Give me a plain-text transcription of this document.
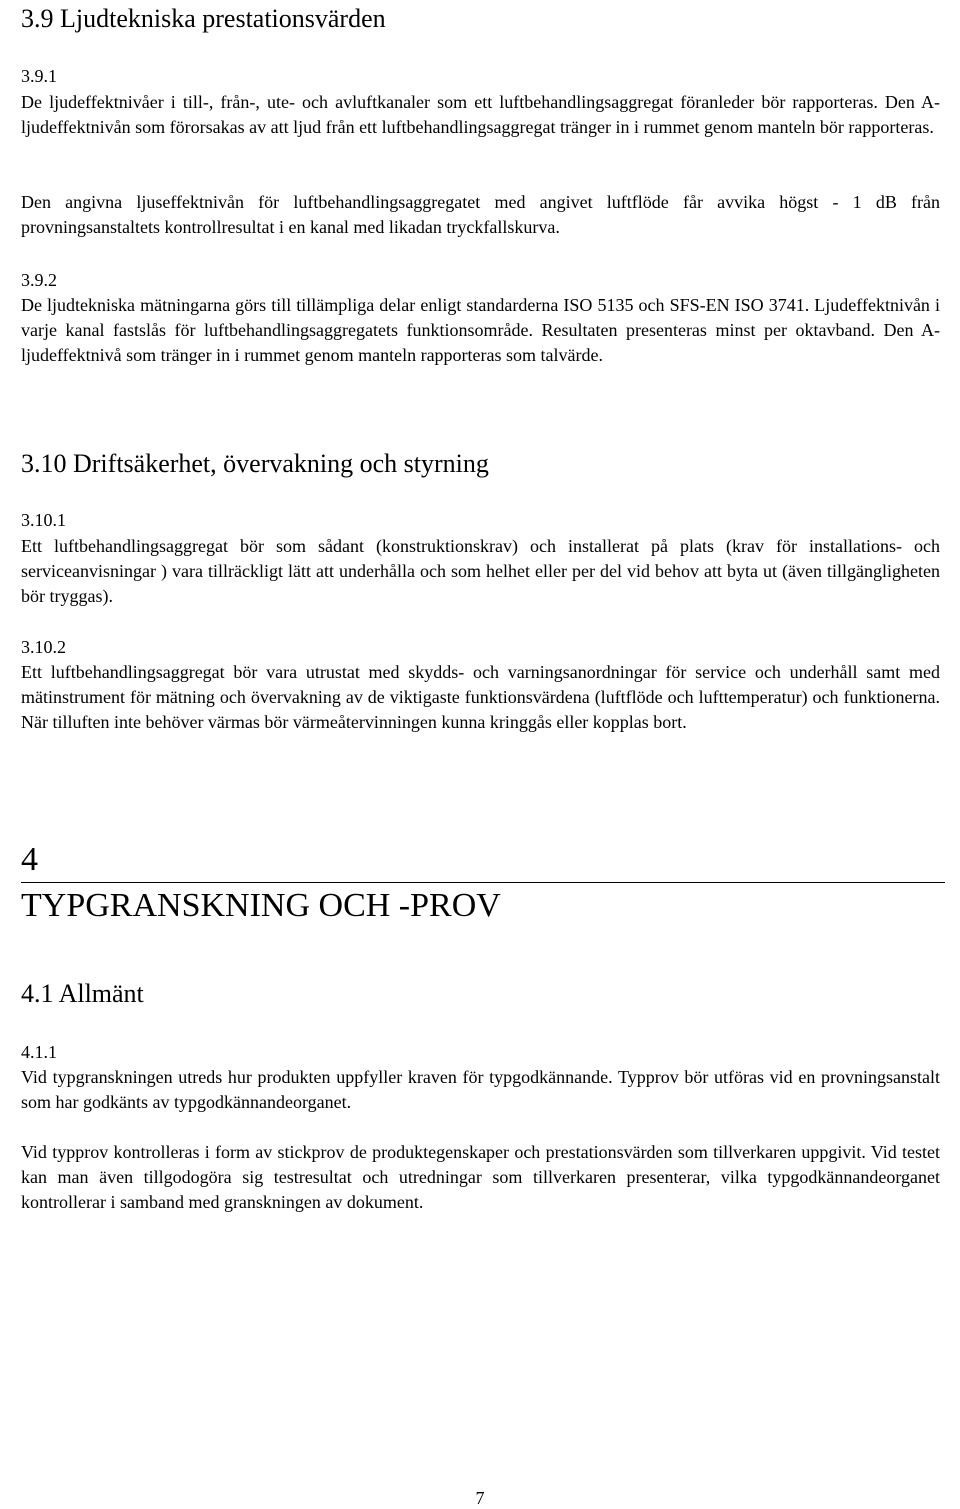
3.9 Ljudtekniska prestationsvärden
3.9.1
De ljudeffektnivåer i till-, från-, ute- och avluftkanaler som ett luftbehandlingsaggregat föranleder bör rapporteras. Den A-ljudeffektnivån som förorsakas av att ljud från ett luftbehandlingsaggregat tränger in i rummet genom manteln bör rapporteras.
Den angivna ljuseffektnivån för luftbehandlingsaggregatet med angivet luftflöde får avvika högst - 1 dB från provningsanstaltets kontrollresultat i en kanal med likadan tryckfallskurva.
3.9.2
De ljudtekniska mätningarna görs till tillämpliga delar enligt standarderna ISO 5135 och SFS-EN ISO 3741. Ljudeffektnivån i varje kanal fastslås för luftbehandlingsaggregatets funktionsområde. Resultaten presenteras minst per oktavband. Den A-ljudeffektnivå som tränger in i rummet genom manteln rapporteras som talvärde.
3.10 Driftsäkerhet, övervakning och styrning
3.10.1
Ett luftbehandlingsaggregat bör som sådant (konstruktionskrav) och installerat på plats (krav för installations- och serviceanvisningar ) vara tillräckligt lätt att underhålla och som helhet eller per del vid behov att byta ut (även tillgängligheten bör tryggas).
3.10.2
Ett luftbehandlingsaggregat bör vara utrustat med skydds- och varningsanordningar för service och underhåll samt med mätinstrument för mätning och övervakning av de viktigaste funktionsvärdena (luftflöde och lufttemperatur) och funktionerna. När tilluften inte behöver värmas bör värmeåtervinningen kunna kringgås eller kopplas bort.
4
TYPGRANSKNING OCH -PROV
4.1 Allmänt
4.1.1
Vid typgranskningen utreds hur produkten uppfyller kraven för typgodkännande. Typprov bör utföras vid en provningsanstalt som har godkänts av typgodkännandeorganet.
Vid typprov kontrolleras i form av stickprov de produktegenskaper och prestationsvärden som tillverkaren uppgivit. Vid testet kan man även tillgodogöra sig testresultat och utredningar som tillverkaren presenterar, vilka typgodkännandeorganet kontrollerar i samband med granskningen av dokument.
7
